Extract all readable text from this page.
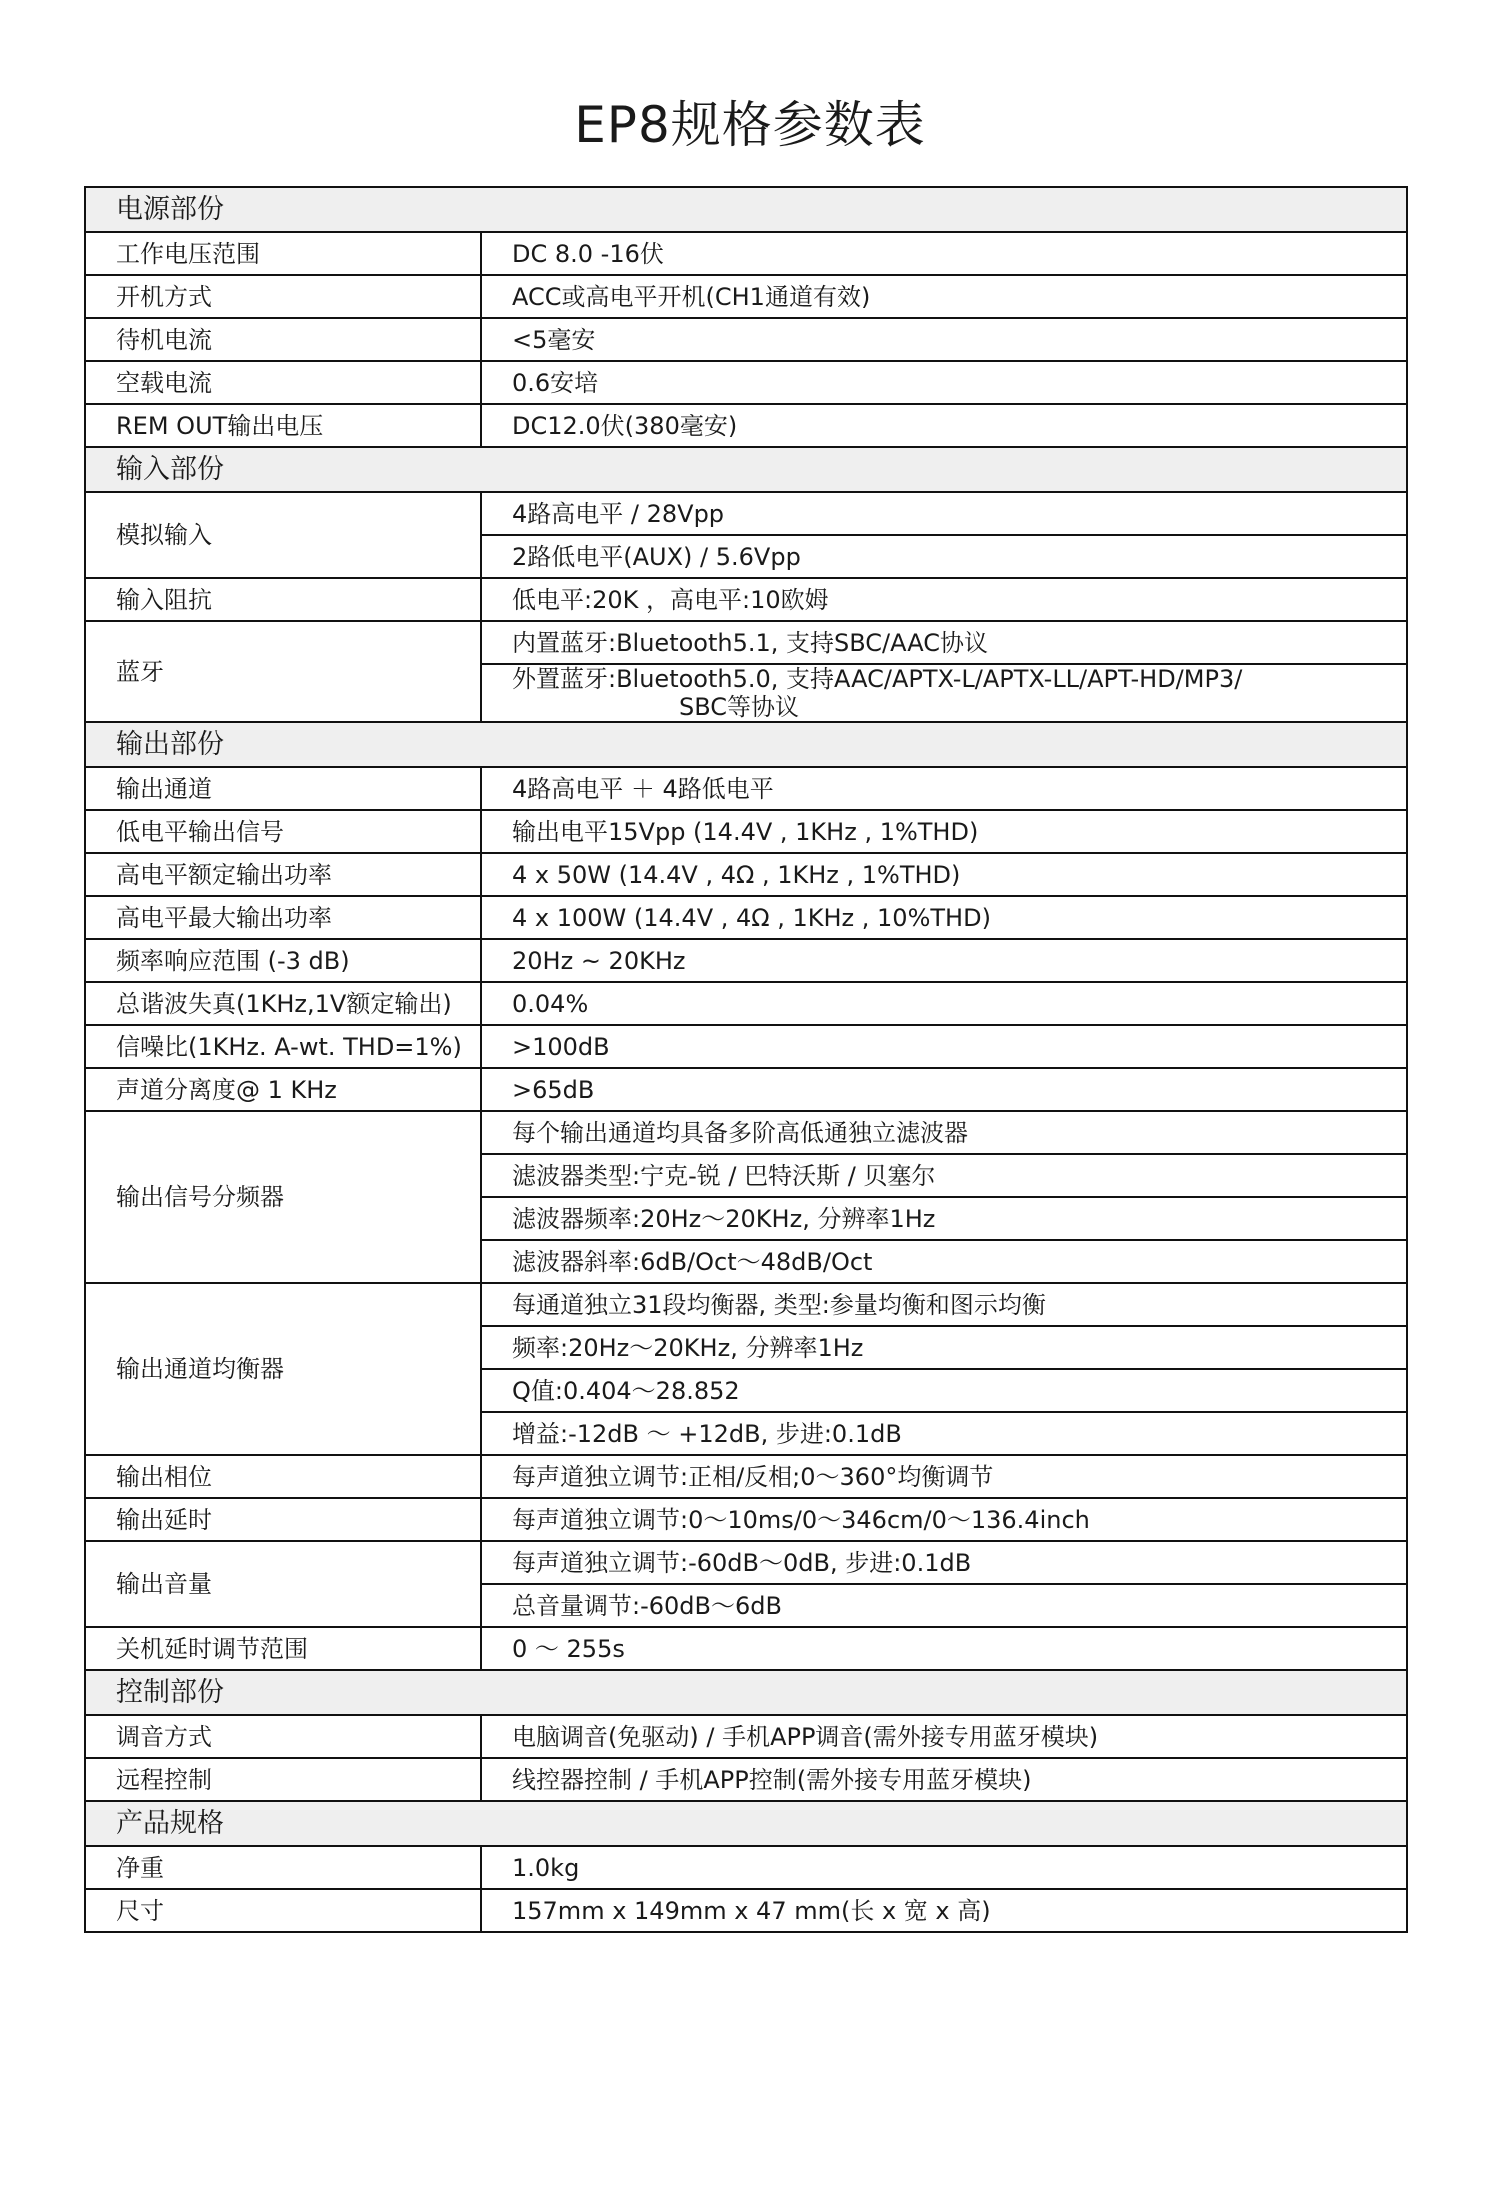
EP8规格参数表
电源部份	
工作电压范围	DC 8.0 -16伏
开机方式	ACC或高电平开机(CH1通道有效)
待机电流	<5毫安
空载电流	0.6安培
REM OUT输出电压	DC12.0伏(380毫安)
输入部份	
模拟输入	4路高电平 / 28Vpp
	2路低电平(AUX) / 5.6Vpp
输入阻抗	低电平:20K ，高电平:10欧姆
蓝牙	内置蓝牙:Bluetooth5.1, 支持SBC/AAC协议

	外置蓝牙:Bluetooth5.0, 支持AAC/APTX-L/APTX-LL/APT-HD/MP3/
SBC等协议

输出部份	
输出通道	4路高电平 ＋ 4路低电平
低电平输出信号	输出电平15Vpp (14.4V , 1KHz , 1%THD)
高电平额定输出功率	4 x 50W (14.4V , 4Ω , 1KHz , 1%THD)
高电平最大输出功率	4 x 100W (14.4V , 4Ω , 1KHz , 10%THD)
频率响应范围 (-3 dB)	20Hz ~ 20KHz
总谐波失真(1KHz,1V额定输出)	0.04%
信噪比(1KHz. A-wt. THD=1%)	>100dB
声道分离度@ 1 KHz	>65dB
输出信号分频器	每个输出通道均具备多阶高低通独立滤波器
	滤波器类型:宁克-锐 / 巴特沃斯 / 贝塞尔
	滤波器频率:20Hz～20KHz, 分辨率1Hz
	滤波器斜率:6dB/Oct～48dB/Oct
输出通道均衡器	每通道独立31段均衡器, 类型:参量均衡和图示均衡
	频率:20Hz～20KHz, 分辨率1Hz
	Q值:0.404～28.852
	增益:-12dB ～ +12dB, 步进:0.1dB
输出相位	每声道独立调节:正相/反相;0～360°均衡调节
输出延时	每声道独立调节:0～10ms/0～346cm/0～136.4inch
输出音量	每声道独立调节:-60dB～0dB, 步进:0.1dB
	总音量调节:-60dB～6dB
关机延时调节范围	0 ～ 255s
控制部份	
调音方式	电脑调音(免驱动) / 手机APP调音(需外接专用蓝牙模块)
远程控制	线控器控制 / 手机APP控制(需外接专用蓝牙模块)
产品规格	
净重	1.0kg
尺寸	157mm x 149mm x 47 mm(长 x 宽 x 高)
